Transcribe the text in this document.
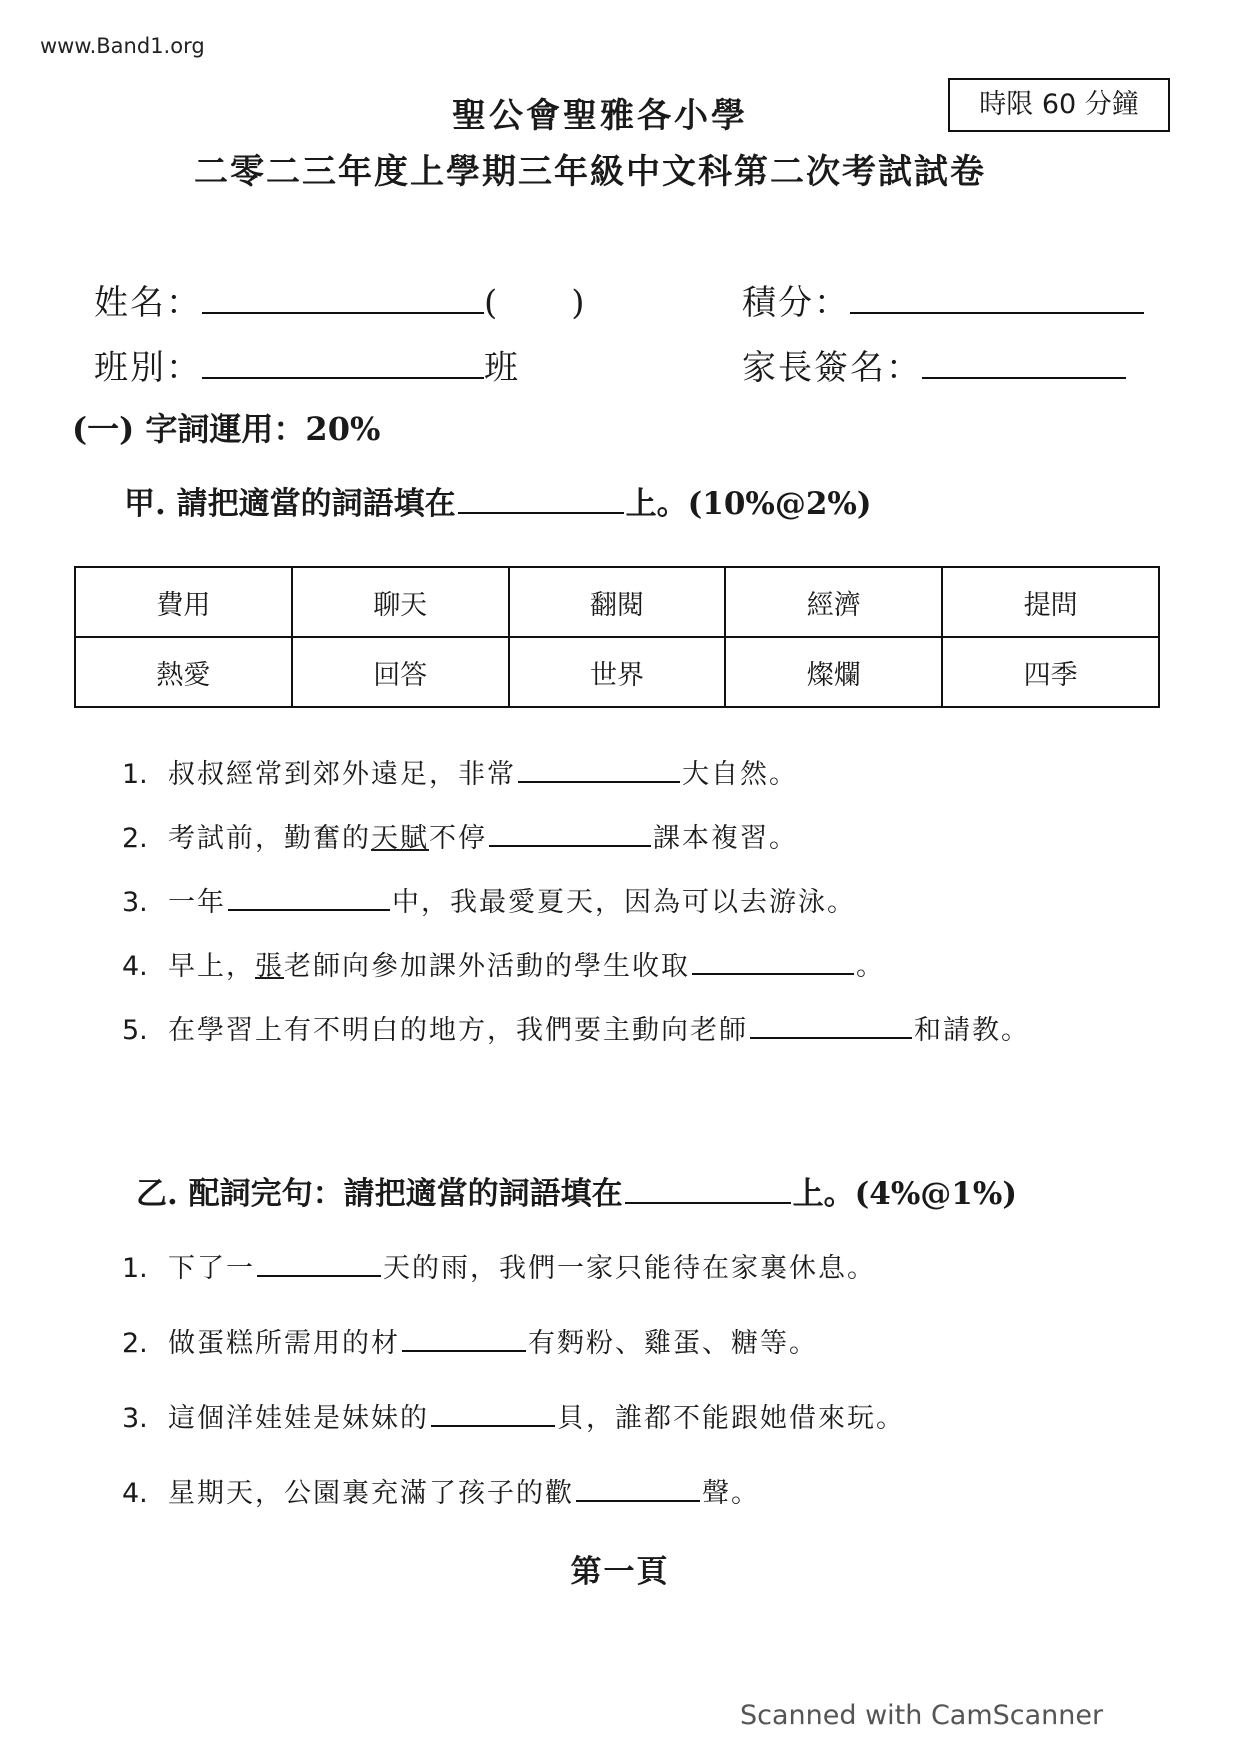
www.Band1.org
聖公會聖雅各小學	時限 60 分鐘
二零二三年度上學期三年級中文科第二次考試試卷
姓名：	( )	積分：
班別：	班	家長簽名：
(一) 字詞運用：20%
甲. 請把適當的詞語填在	上。(10%@2%)
費用	聊天	翻閱	經濟	提問
熱愛	回答	世界	燦爛	四季
1. 叔叔經常到郊外遠足，非常	大自然。
2. 考試前，勤奮的天賦不停	課本複習。
3. 一年	中，我最愛夏天，因為可以去游泳。
4. 早上，張老師向參加課外活動的學生收取	。
5. 在學習上有不明白的地方，我們要主動向老師	和請教。
乙. 配詞完句：請把適當的詞語填在	上。(4%@1%)
1. 下了一	天的雨，我們一家只能待在家裏休息。
2. 做蛋糕所需用的材	有麪粉、雞蛋、糖等。
3. 這個洋娃娃是妹妹的	貝，誰都不能跟她借來玩。
4. 星期天，公園裏充滿了孩子的歡	聲。
第一頁
Scanned with CamScanner
